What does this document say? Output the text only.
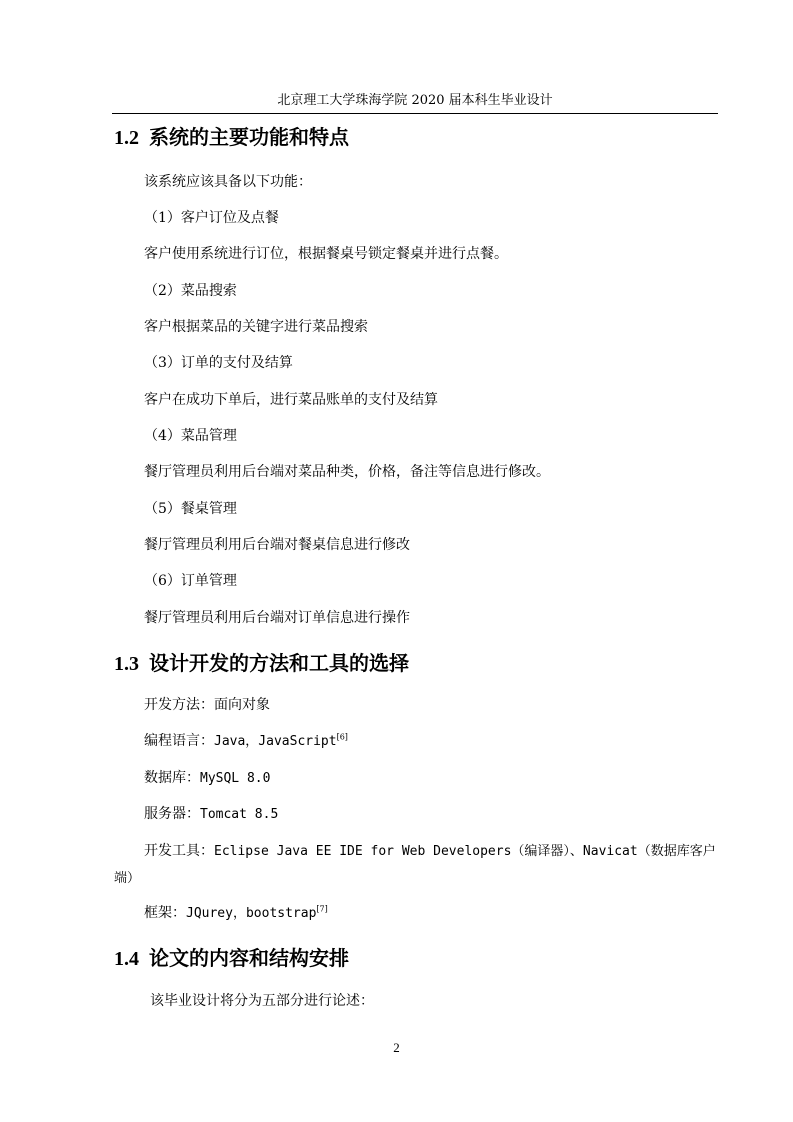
北京理工大学珠海学院 2020 届本科生毕业设计
1.2 系统的主要功能和特点
该系统应该具备以下功能：
（1）客户订位及点餐
客户使用系统进行订位，根据餐桌号锁定餐桌并进行点餐。
（2）菜品搜索
客户根据菜品的关键字进行菜品搜索
（3）订单的支付及结算
客户在成功下单后，进行菜品账单的支付及结算
（4）菜品管理
餐厅管理员利用后台端对菜品种类，价格，备注等信息进行修改。
（5）餐桌管理
餐厅管理员利用后台端对餐桌信息进行修改
（6）订单管理
餐厅管理员利用后台端对订单信息进行操作
1.3 设计开发的方法和工具的选择
开发方法：面向对象
编程语言：Java，JavaScript[6]
数据库：MySQL 8.0
服务器：Tomcat 8.5
开发工具：Eclipse Java EE IDE for Web Developers（编译器）、Navicat（数据库客户端）
框架：JQurey，bootstrap[7]
1.4 论文的内容和结构安排
该毕业设计将分为五部分进行论述：
2
